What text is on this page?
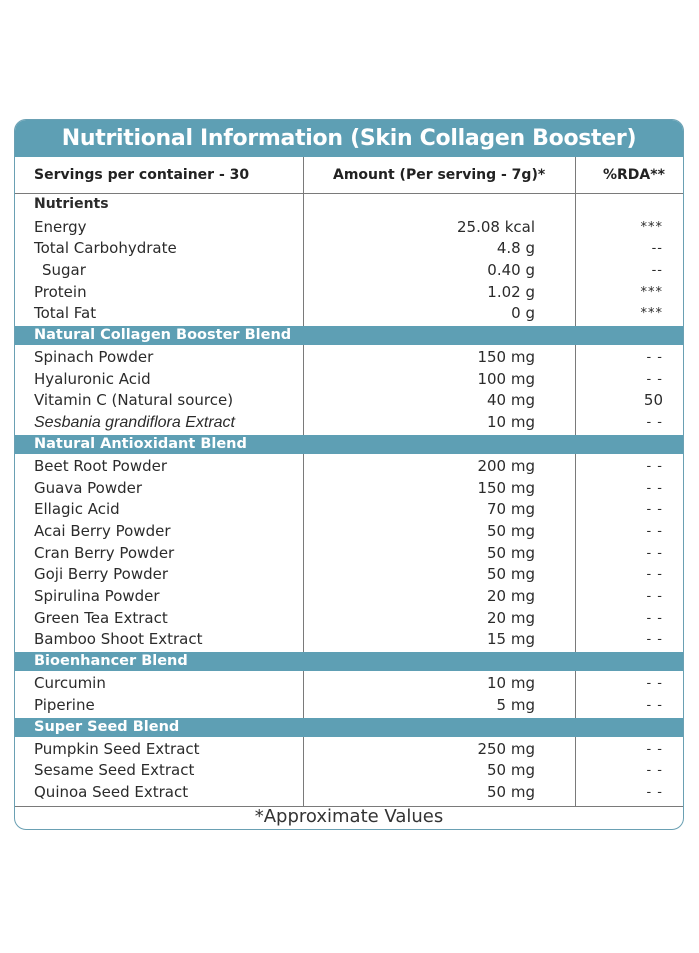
Nutritional Information (Skin Collagen Booster)
Servings per container - 30	Amount (Per serving - 7g)*	%RDA**
Nutrients
Energy	25.08 kcal	***
Total Carbohydrate	4.8 g	--
Sugar	0.40 g	--
Protein	1.02 g	***
Total Fat	0 g	***
Natural Collagen Booster Blend
Spinach Powder	150 mg	- -
Hyaluronic Acid	100 mg	- -
Vitamin C (Natural source)	40 mg	50
Sesbania grandiflora Extract	10 mg	- -
Natural Antioxidant Blend
Beet Root Powder	200 mg	- -
Guava Powder	150 mg	- -
Ellagic Acid	70 mg	- -
Acai Berry Powder	50 mg	- -
Cran Berry Powder	50 mg	- -
Goji Berry Powder	50 mg	- -
Spirulina Powder	20 mg	- -
Green Tea Extract	20 mg	- -
Bamboo Shoot Extract	15 mg	- -
Bioenhancer Blend
Curcumin	10 mg	- -
Piperine	5 mg	- -
Super Seed Blend
Pumpkin Seed Extract	250 mg	- -
Sesame Seed Extract	50 mg	- -
Quinoa Seed Extract	50 mg	- -
*Approximate Values
